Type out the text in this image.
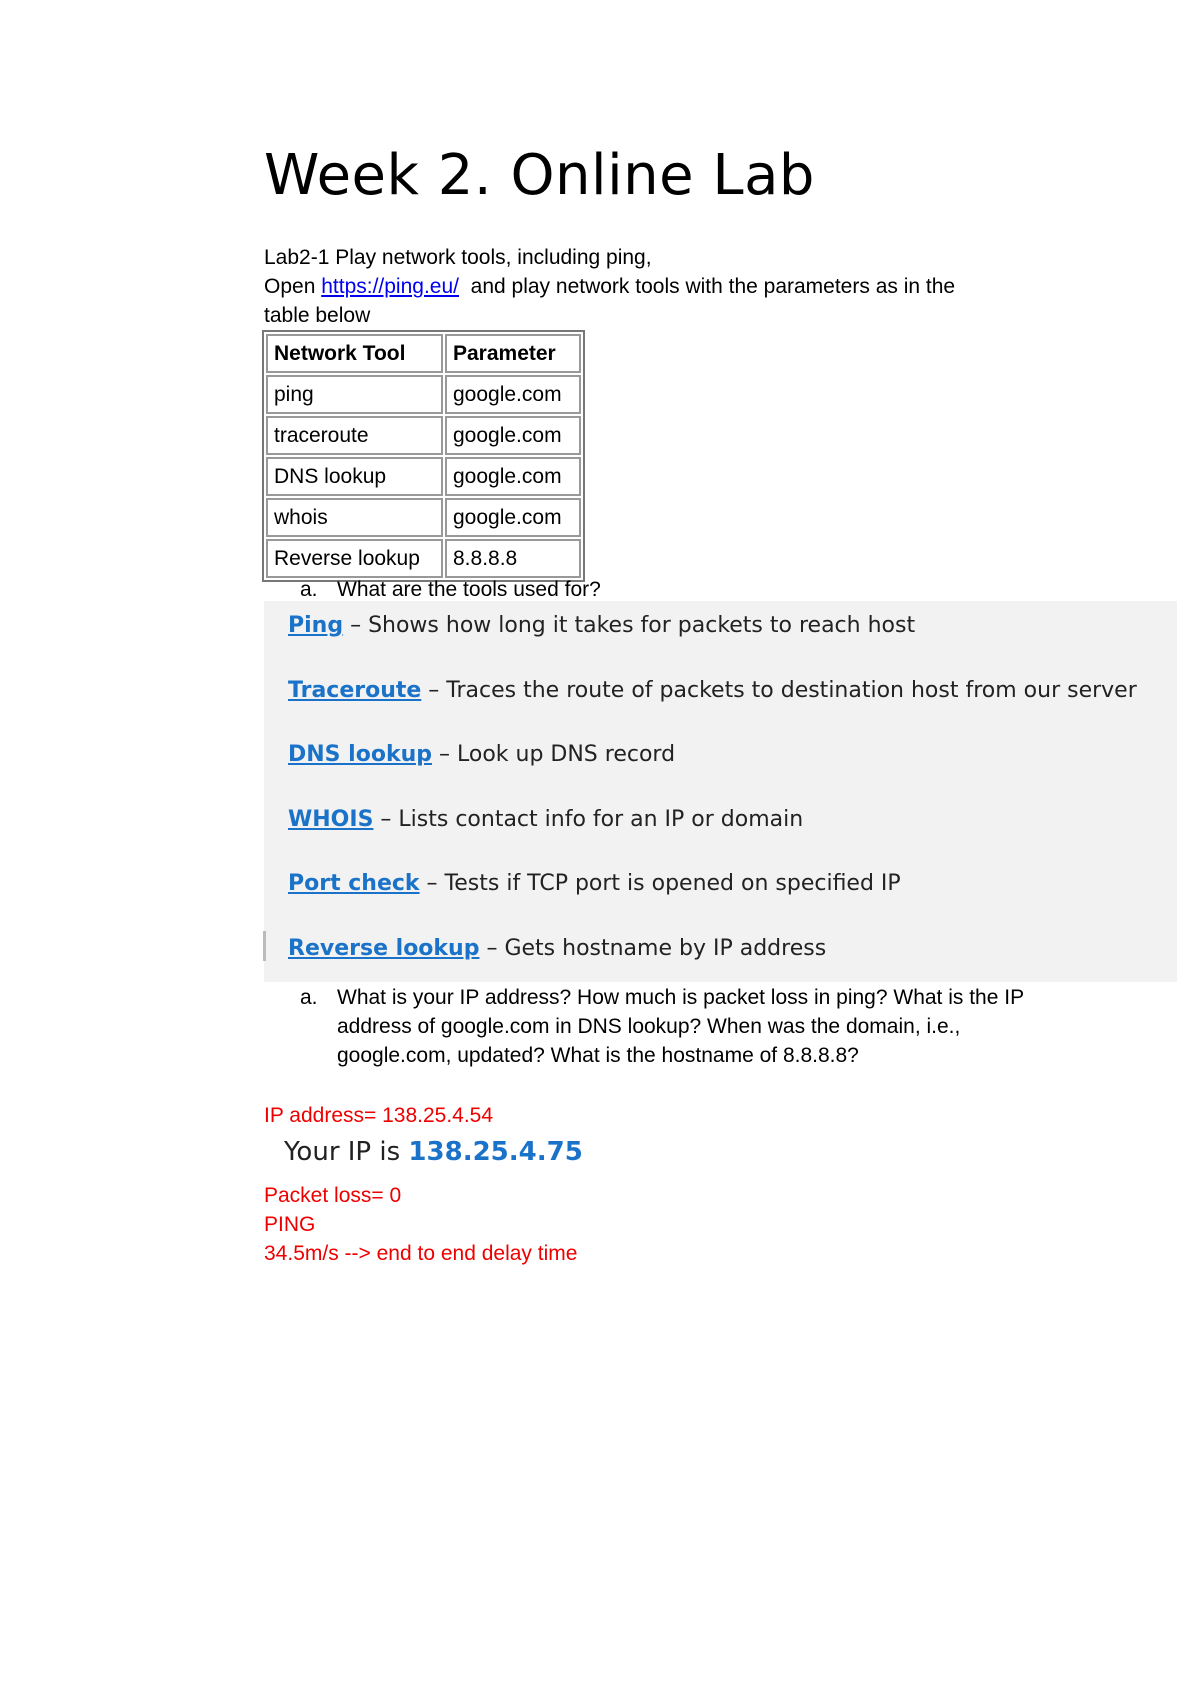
Week 2. Online Lab
Lab2-1 Play network tools, including ping,
Open https://ping.eu/  and play network tools with the parameters as in the
table below
Network Tool	Parameter
ping	google.com
traceroute	google.com
DNS lookup	google.com
whois	google.com
Reverse lookup	8.8.8.8
a. What are the tools used for?
Ping – Shows how long it takes for packets to reach host
Traceroute – Traces the route of packets to destination host from our server
DNS lookup – Look up DNS record
WHOIS – Lists contact info for an IP or domain
Port check – Tests if TCP port is opened on specified IP
Reverse lookup – Gets hostname by IP address
a. What is your IP address? How much is packet loss in ping? What is the IP
address of google.com in DNS lookup? When was the domain, i.e.,
google.com, updated? What is the hostname of 8.8.8.8?
IP address= 138.25.4.54
Your IP is 138.25.4.75
Packet loss= 0
PING
34.5m/s --> end to end delay time
